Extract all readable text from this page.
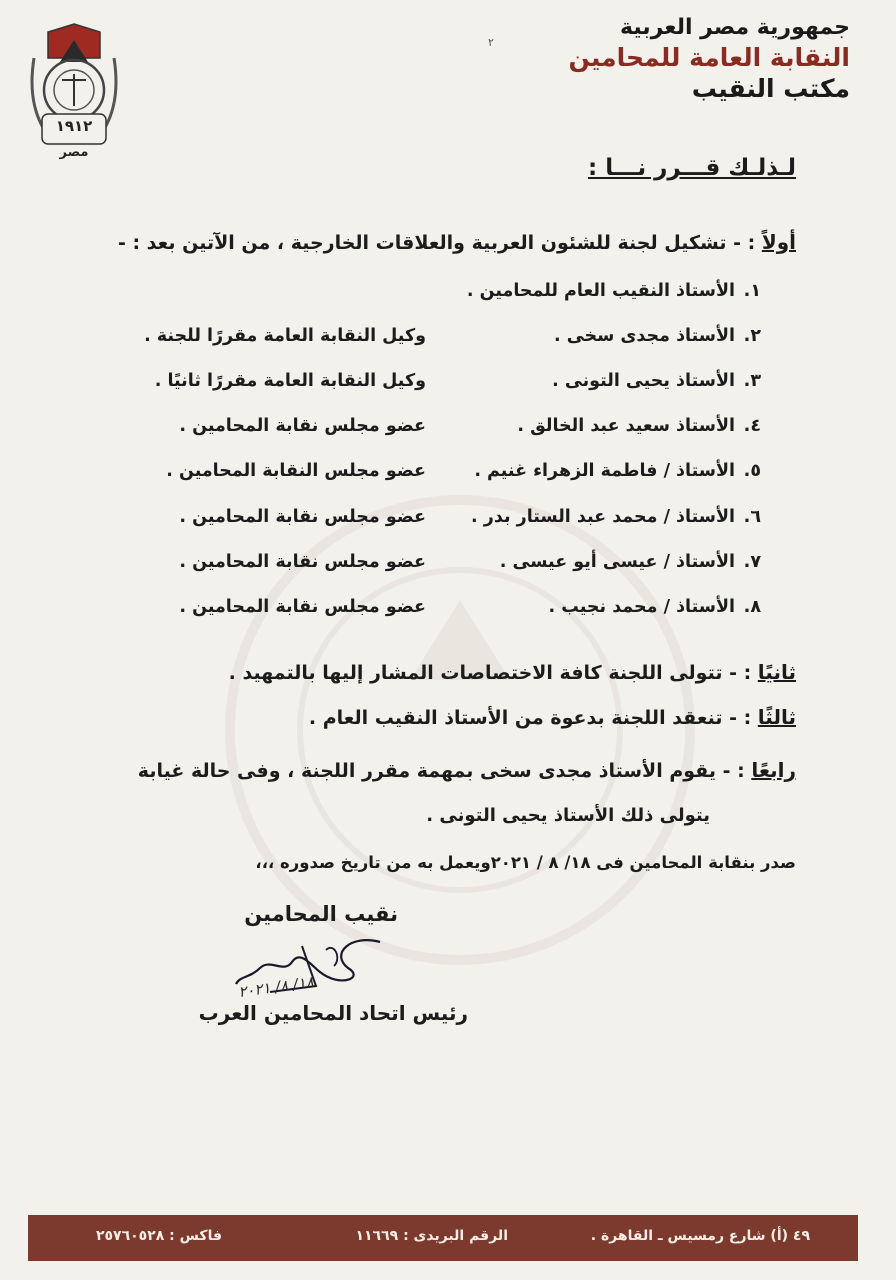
جمهورية مصر العربية
النقابة العامة للمحامين
مكتب النقيب
٢
١٩١٢
مصر
لـذلـك قـــرر نـــا :
أولاً : - تشكيل لجنة للشئون العربية والعلاقات الخارجية ، من الآتين بعد : -
١.الأستاذ النقيب العام للمحامين .
٢.الأستاذ مجدى سخى .
وكيل النقابة العامة مقررًا للجنة .
٣.الأستاذ يحيى التونى .
وكيل النقابة العامة مقررًا ثانيًا .
٤.الأستاذ سعيد عبد الخالق .
عضو مجلس نقابة المحامين .
٥.الأستاذ / فاطمة الزهراء غنيم .
عضو مجلس النقابة المحامين .
٦.الأستاذ / محمد عبد الستار بدر .
عضو مجلس نقابة المحامين .
٧.الأستاذ / عيسى أيو عيسى .
عضو مجلس نقابة المحامين .
٨.الأستاذ / محمد نجيب .
عضو مجلس نقابة المحامين .
ثانيًا : - تتولى اللجنة كافة الاختصاصات المشار إليها بالتمهيد .
ثالثًا : - تنعقد اللجنة بدعوة من الأستاذ النقيب العام .
رابعًا : - يقوم الأستاذ مجدى سخى بمهمة مقرر اللجنة ، وفى حالة غيابة
يتولى ذلك الأستاذ يحيى التونى .
صدر بنقابة المحامين فى ١٨/ ٨ / ٢٠٢١ويعمل به من تاريخ صدوره ،،،
نقيب المحامين
١٨/ ٨/ ٢٠٢١
رئيس اتحاد المحامين العرب
٤٩ (أ) شارع رمسيس ـ القاهرة .
الرقم البريدى : ١١٦٦٩
فاكس : ٢٥٧٦٠٥٢٨
